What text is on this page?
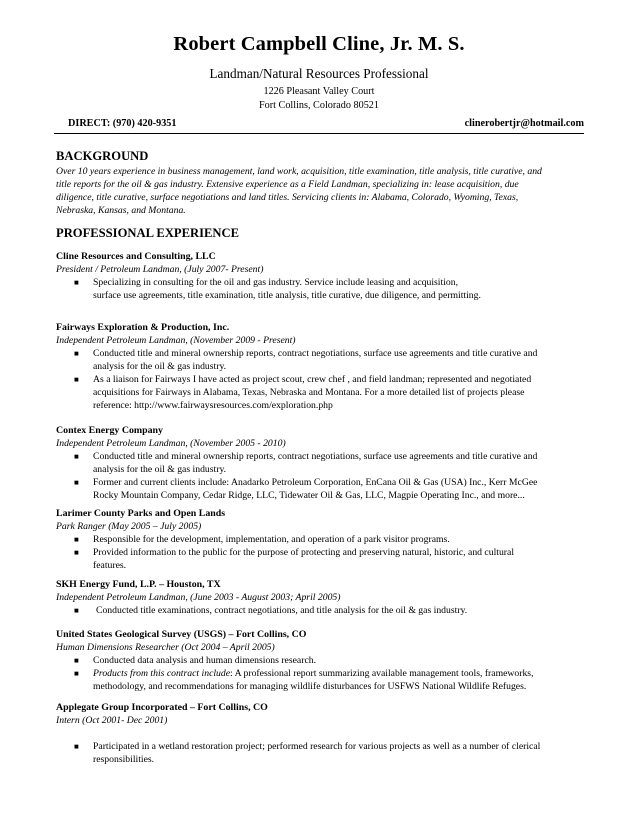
Robert Campbell Cline, Jr. M. S.
Landman/Natural Resources Professional
1226 Pleasant Valley Court
Fort Collins, Colorado 80521
DIRECT: (970) 420-9351	clinerobertjr@hotmail.com
BACKGROUND
Over 10 years experience in business management, land work, acquisition, title examination, title analysis, title curative, and
title reports for the oil & gas industry. Extensive experience as a Field Landman, specializing in: lease acquisition, due
diligence, title curative, surface negotiations and land titles. Servicing clients in: Alabama, Colorado, Wyoming, Texas,
Nebraska, Kansas, and Montana.
PROFESSIONAL EXPERIENCE
Cline Resources and Consulting, LLC
President / Petroleum Landman, (July 2007- Present)
■ Specializing in consulting for the oil and gas industry. Service include leasing and acquisition,
surface use agreements, title examination, title analysis, title curative, due diligence, and permitting.
Fairways Exploration & Production, Inc.
Independent Petroleum Landman, (November 2009 - Present)
■ Conducted title and mineral ownership reports, contract negotiations, surface use agreements and title curative and
analysis for the oil & gas industry.
■ As a liaison for Fairways I have acted as project scout, crew chef , and field landman; represented and negotiated
acquisitions for Fairways in Alabama, Texas, Nebraska and Montana. For a more detailed list of projects please
reference: http://www.fairwaysresources.com/exploration.php
Contex Energy Company
Independent Petroleum Landman, (November 2005 - 2010)
■ Conducted title and mineral ownership reports, contract negotiations, surface use agreements and title curative and
analysis for the oil & gas industry.
■ Former and current clients include: Anadarko Petroleum Corporation, EnCana Oil & Gas (USA) Inc., Kerr McGee
Rocky Mountain Company, Cedar Ridge, LLC, Tidewater Oil & Gas, LLC, Magpie Operating Inc., and more...
Larimer County Parks and Open Lands
Park Ranger (May 2005 – July 2005)
■ Responsible for the development, implementation, and operation of a park visitor programs.
■ Provided information to the public for the purpose of protecting and preserving natural, historic, and cultural
features.
SKH Energy Fund, L.P. – Houston, TX
Independent Petroleum Landman, (June 2003 - August 2003; April 2005)
■ Conducted title examinations, contract negotiations, and title analysis for the oil & gas industry.
United States Geological Survey (USGS) – Fort Collins, CO
Human Dimensions Researcher (Oct 2004 – April 2005)
■ Conducted data analysis and human dimensions research.
■ Products from this contract include: A professional report summarizing available management tools, frameworks,
methodology, and recommendations for managing wildlife disturbances for USFWS National Wildlife Refuges.
Applegate Group Incorporated – Fort Collins, CO
Intern (Oct 2001- Dec 2001)
■ Participated in a wetland restoration project; performed research for various projects as well as a number of clerical
responsibilities.
